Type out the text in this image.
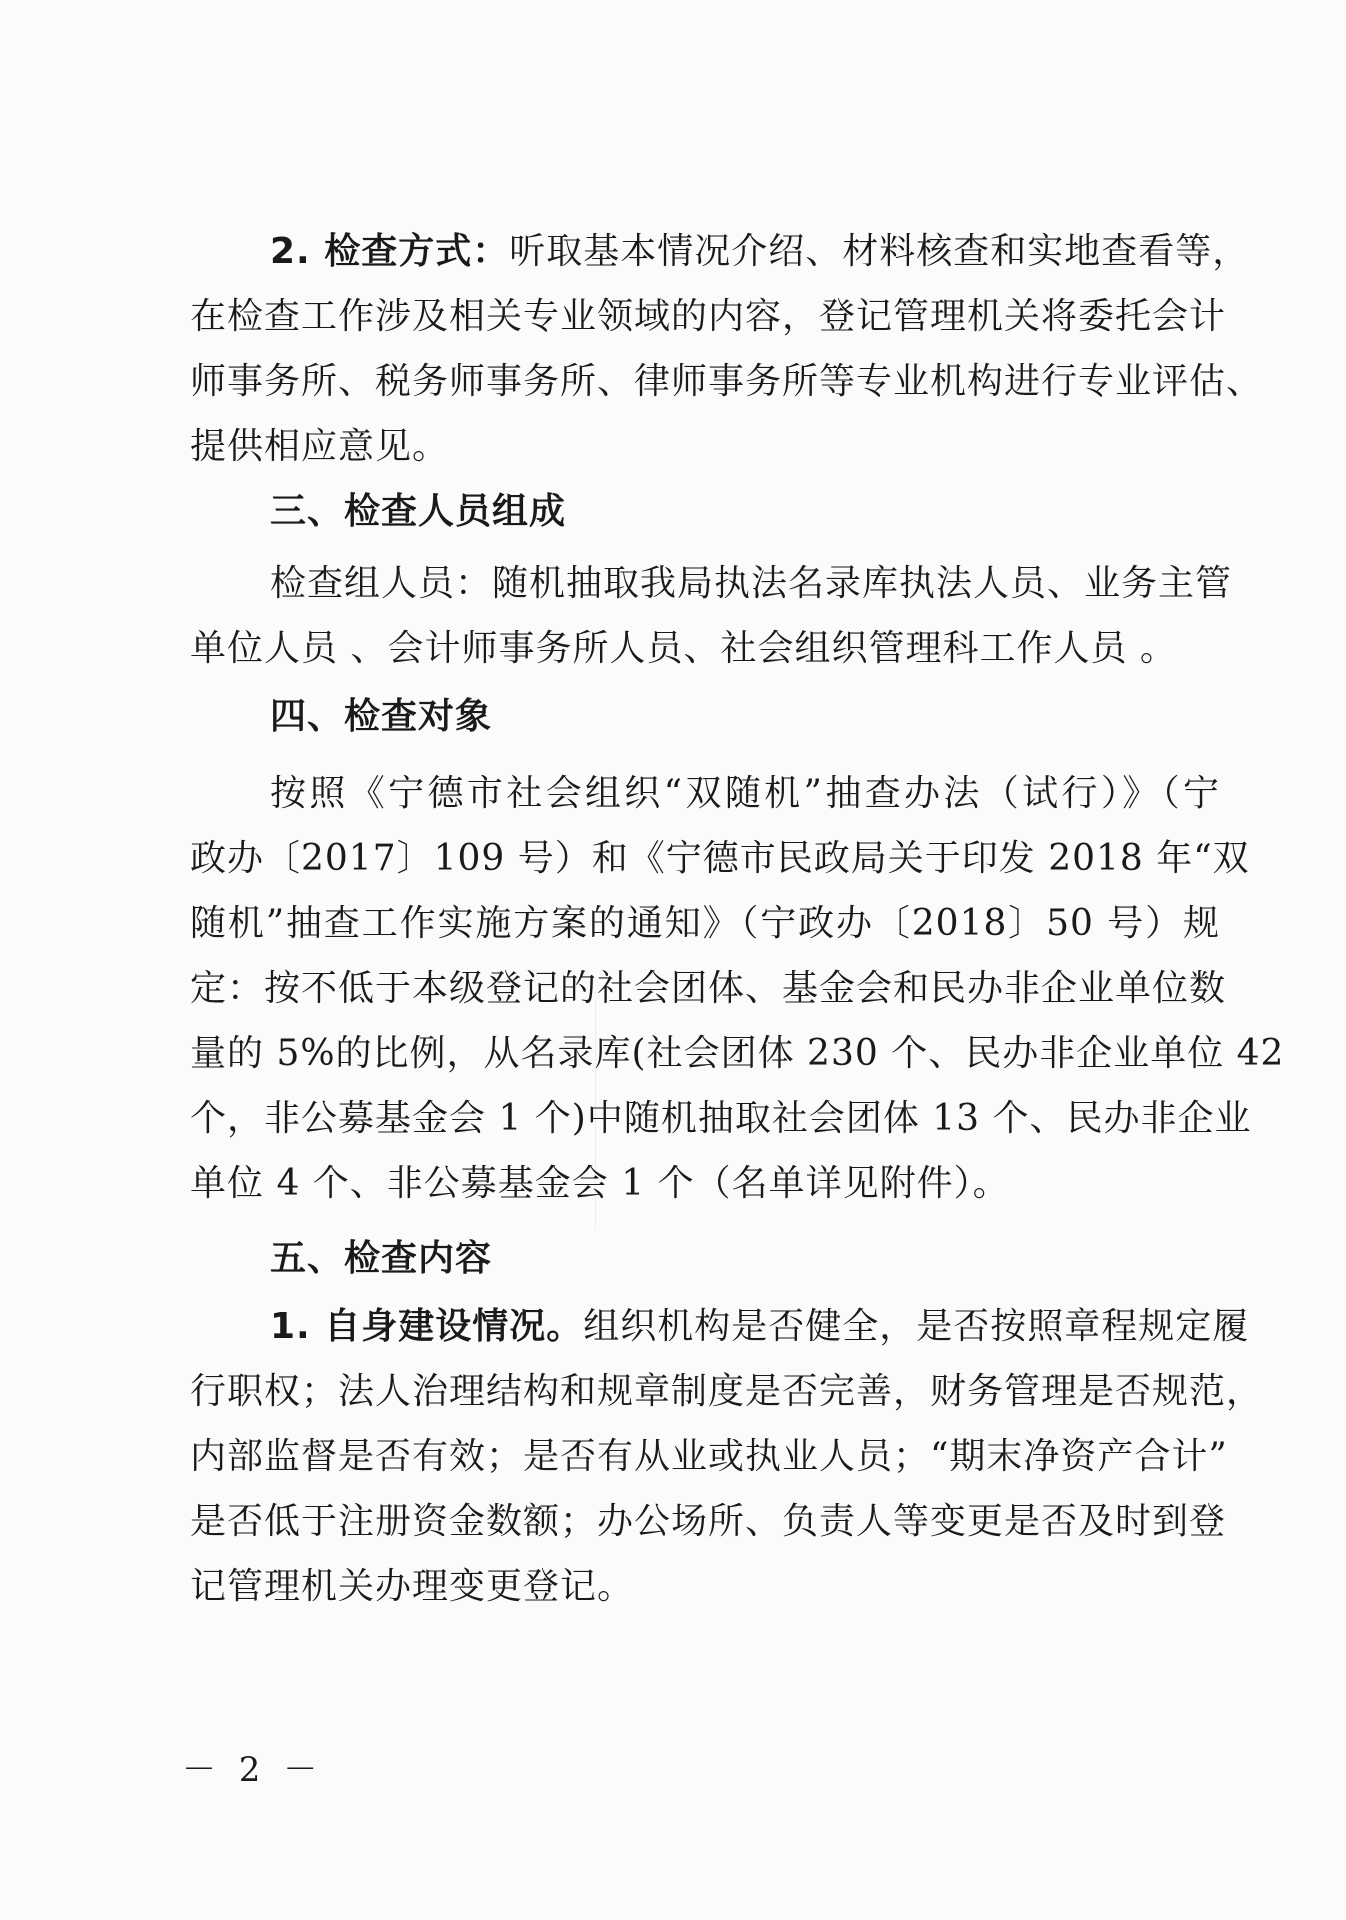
2. 检查方式：听取基本情况介绍、材料核查和实地查看等，
在检查工作涉及相关专业领域的内容，登记管理机关将委托会计
师事务所、税务师事务所、律师事务所等专业机构进行专业评估、
提供相应意见。
三、检查人员组成
检查组人员：随机抽取我局执法名录库执法人员、业务主管
单位人员 、会计师事务所人员、社会组织管理科工作人员 。
四、检查对象
按照《宁德市社会组织“双随机”抽查办法（试行）》（宁
政办〔2017〕109 号）和《宁德市民政局关于印发 2018 年“双
随机”抽查工作实施方案的通知》（宁政办〔2018〕50 号）规
定：按不低于本级登记的社会团体、基金会和民办非企业单位数
量的 5%的比例，从名录库(社会团体 230 个、民办非企业单位 42
个，非公募基金会 1 个)中随机抽取社会团体 13 个、民办非企业
单位 4 个、非公募基金会 1 个（名单详见附件）。
五、检查内容
1. 自身建设情况。组织机构是否健全，是否按照章程规定履
行职权；法人治理结构和规章制度是否完善，财务管理是否规范，
内部监督是否有效；是否有从业或执业人员；“期末净资产合计”
是否低于注册资金数额；办公场所、负责人等变更是否及时到登
记管理机关办理变更登记。
－ 2 －
